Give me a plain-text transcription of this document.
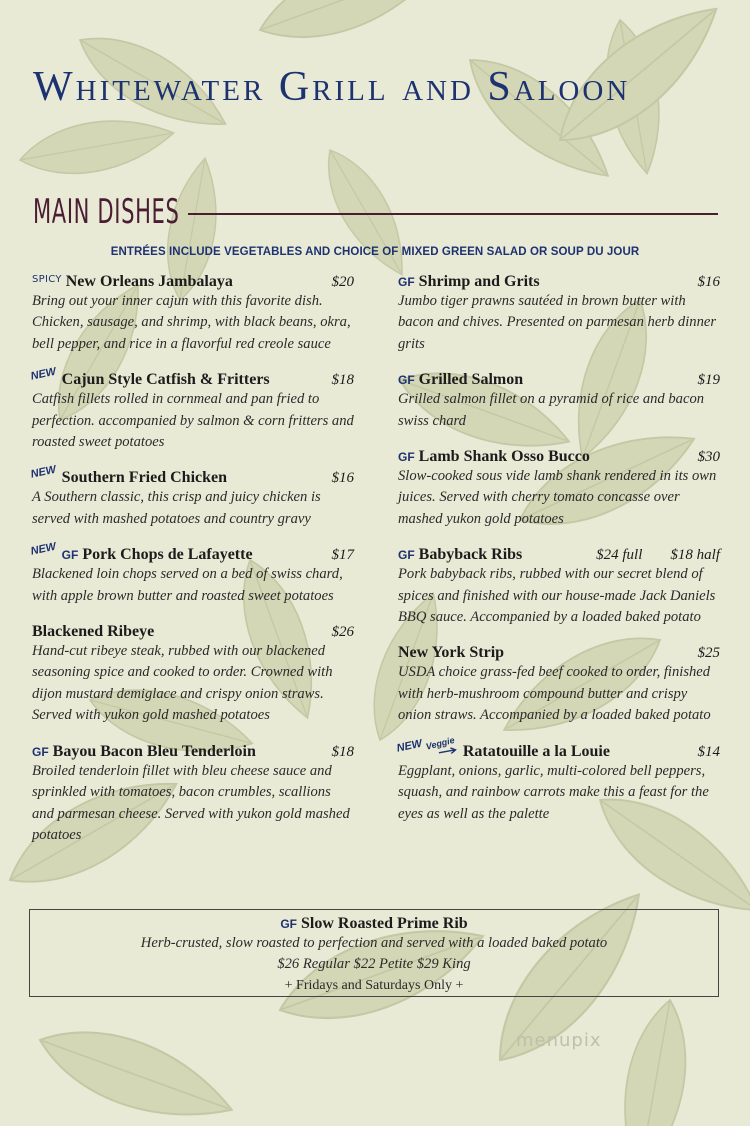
Whitewater Grill and Saloon
MAIN DISHES
ENTRÉES INCLUDE VEGETABLES AND CHOICE OF MIXED GREEN SALAD OR SOUP DU JOUR
SPICY New Orleans Jambalaya	$20
Bring out your inner cajun with this favorite dish. Chicken, sausage, and shrimp, with black beans, okra, bell pepper, and rice in a flavorful red creole sauce
NEW Cajun Style Catfish & Fritters	$18
Catfish fillets rolled in cornmeal and pan fried to perfection. accompanied by salmon & corn fritters and roasted sweet potatoes
NEW Southern Fried Chicken	$16
A Southern classic, this crisp and juicy chicken is served with mashed potatoes and country gravy
NEW GF Pork Chops de Lafayette	$17
Blackened loin chops served on a bed of swiss chard, with apple brown butter and roasted sweet potatoes
Blackened Ribeye	$26
Hand-cut ribeye steak, rubbed with our blackened seasoning spice and cooked to order. Crowned with dijon mustard demiglace and crispy onion straws. Served with yukon gold mashed potatoes
GF Bayou Bacon Bleu Tenderloin	$18
Broiled tenderloin fillet with bleu cheese sauce and sprinkled with tomatoes, bacon crumbles, scallions and parmesan cheese. Served with yukon gold mashed potatoes
GF Shrimp and Grits	$16
Jumbo tiger prawns sautéed in brown butter with bacon and chives. Presented on parmesan herb dinner grits
GF Grilled Salmon	$19
Grilled salmon fillet on a pyramid of rice and bacon swiss chard
GF Lamb Shank Osso Bucco	$30
Slow-cooked sous vide lamb shank rendered in its own juices. Served with cherry tomato concasse over mashed yukon gold potatoes
GF Babyback Ribs	$24 full $18 half
Pork babyback ribs, rubbed with our secret blend of spices and finished with our house-made Jack Daniels BBQ sauce. Accompanied by a loaded baked potato
New York Strip	$25
USDA choice grass-fed beef cooked to order, finished with herb-mushroom compound butter and crispy onion straws. Accompanied by a loaded baked potato
NEWVeggie Ratatouille a la Louie	$14
Eggplant, onions, garlic, multi-colored bell peppers, squash, and rainbow carrots make this a feast for the eyes as well as the palette
GF Slow Roasted Prime Rib
Herb-crusted, slow roasted to perfection and served with a loaded baked potato
$26 Regular $22 Petite $29 King
+ Fridays and Saturdays Only +
menupix
